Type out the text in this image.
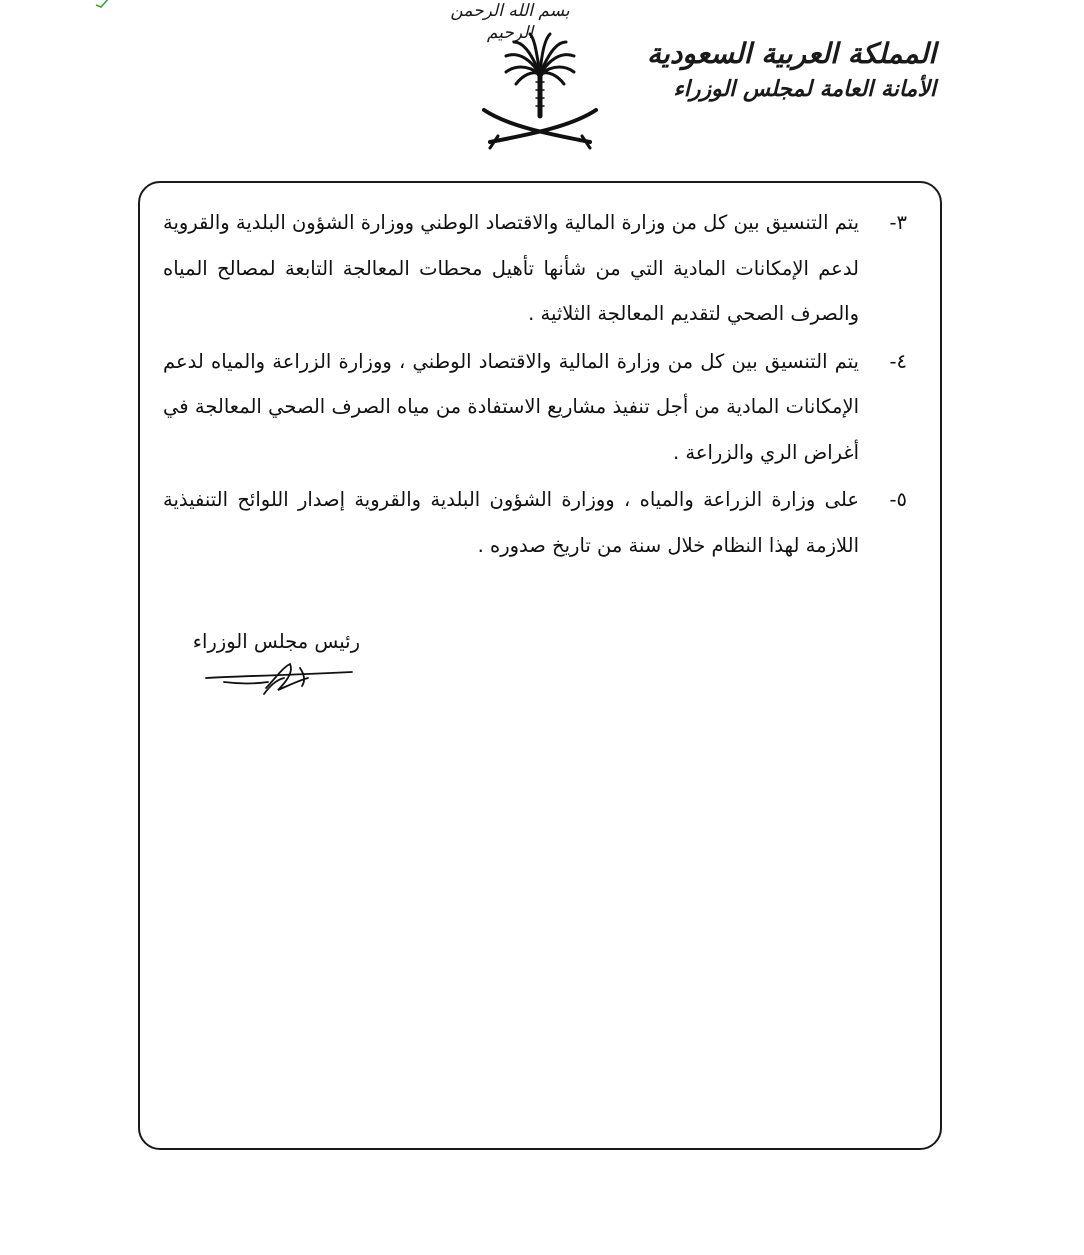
بسم الله الرحمن الرحيم
المملكة العربية السعودية
الأمانة العامة لمجلس الوزراء
٣-
يتم التنسيق بين كل من وزارة المالية والاقتصاد الوطني ووزارة الشؤون البلدية والقروية لدعم الإمكانات المادية التي من شأنها تأهيل محطات المعالجة التابعة لمصالح المياه والصرف الصحي لتقديم المعالجة الثلاثية .
٤-
يتم التنسيق بين كل من وزارة المالية والاقتصاد الوطني ، ووزارة الزراعة والمياه لدعم الإمكانات المادية من أجل تنفيذ مشاريع الاستفادة من مياه الصرف الصحي المعالجة في أغراض الري والزراعة .
٥-
على وزارة الزراعة والمياه ، ووزارة الشؤون البلدية والقروية إصدار اللوائح التنفيذية اللازمة لهذا النظام خلال سنة من تاريخ صدوره .
رئيس مجلس الوزراء
